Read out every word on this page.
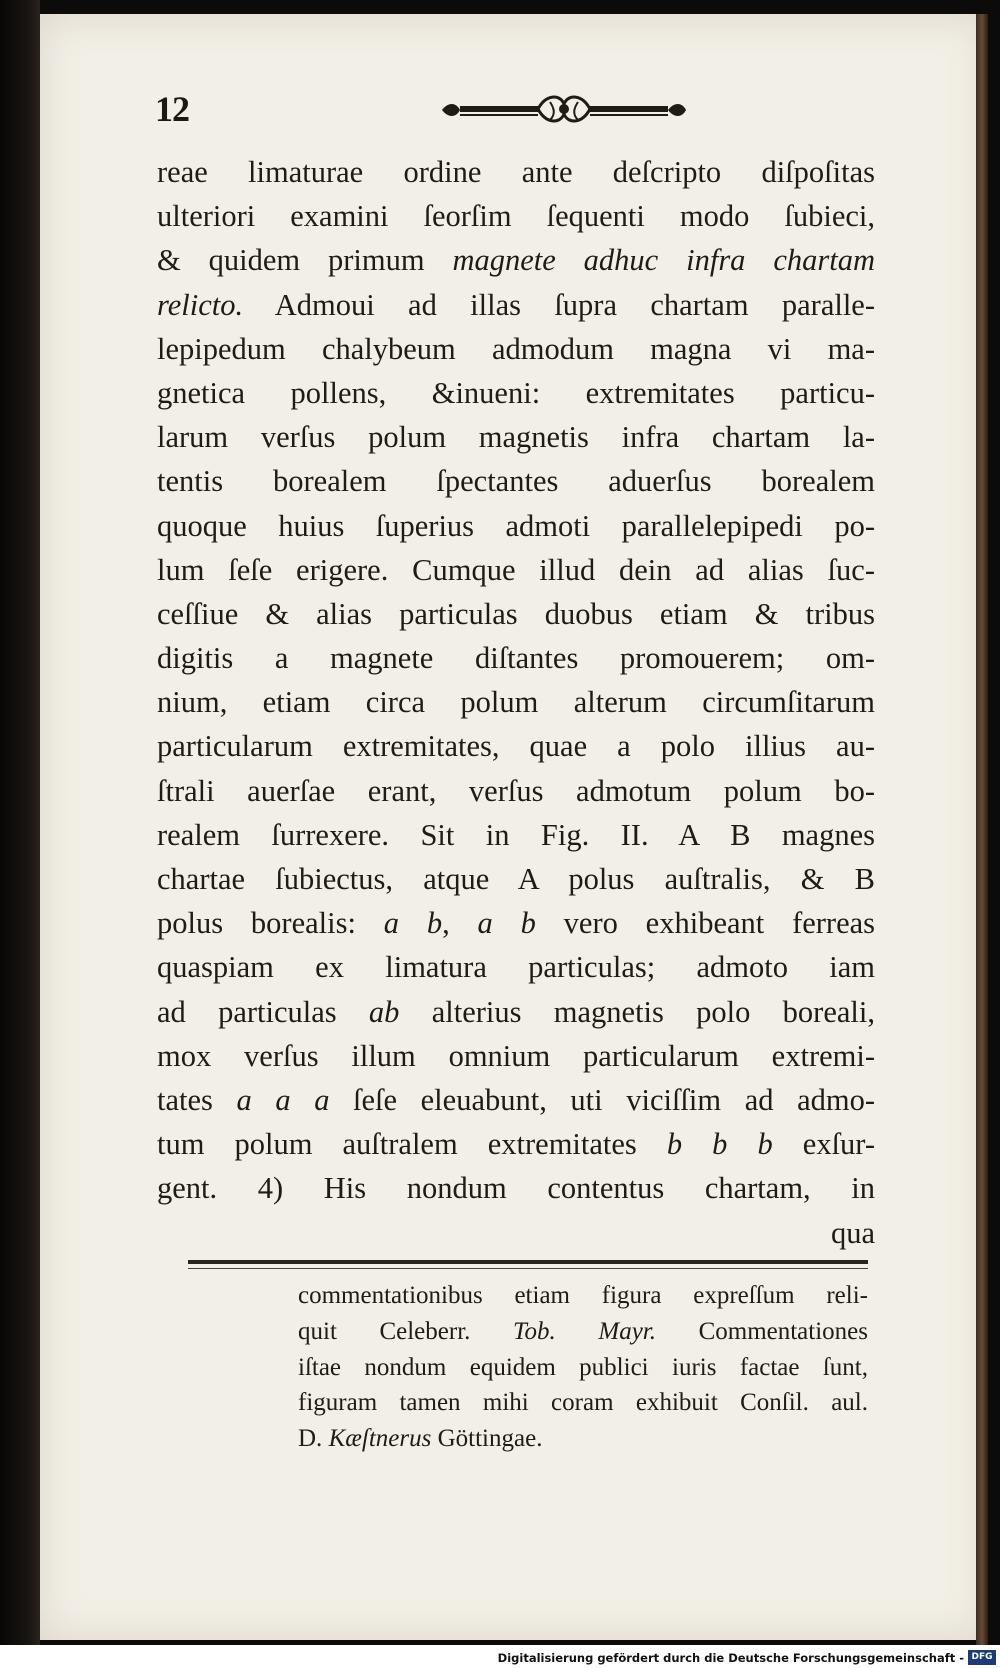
12
reae limaturae ordine ante deſcripto diſpoſitas
ulteriori examini ſeorſim ſequenti modo ſubieci,
& quidem primum magnete adhuc infra chartam
relicto. Admoui ad illas ſupra chartam paralle-
lepipedum chalybeum admodum magna vi ma-
gnetica pollens, &inueni: extremitates particu-
larum verſus polum magnetis infra chartam la-
tentis borealem ſpectantes aduerſus borealem
quoque huius ſuperius admoti parallelepipedi po-
lum ſeſe erigere. Cumque illud dein ad alias ſuc-
ceſſiue & alias particulas duobus etiam & tribus
digitis a magnete diſtantes promouerem; om-
nium, etiam circa polum alterum circumſitarum
particularum extremitates, quae a polo illius au-
ſtrali auerſae erant, verſus admotum polum bo-
realem ſurrexere. Sit in Fig. II. A B magnes
chartae ſubiectus, atque A polus auſtralis, & B
polus borealis: a b, a b vero exhibeant ferreas
quaspiam ex limatura particulas; admoto iam
ad particulas ab alterius magnetis polo boreali,
mox verſus illum omnium particularum extremi-
tates a a a ſeſe eleuabunt, uti viciſſim ad admo-
tum polum auſtralem extremitates b b b exſur-
gent. 4) His nondum contentus chartam, in
qua
commentationibus etiam figura expreſſum reli-
quit Celeberr. Tob. Mayr. Commentationes
iſtae nondum equidem publici iuris factae ſunt,
figuram tamen mihi coram exhibuit Conſil. aul.
D. Kæſtnerus Göttingae.
Digitalisierung gefördert durch die Deutsche Forschungsgemeinschaft - DFG
